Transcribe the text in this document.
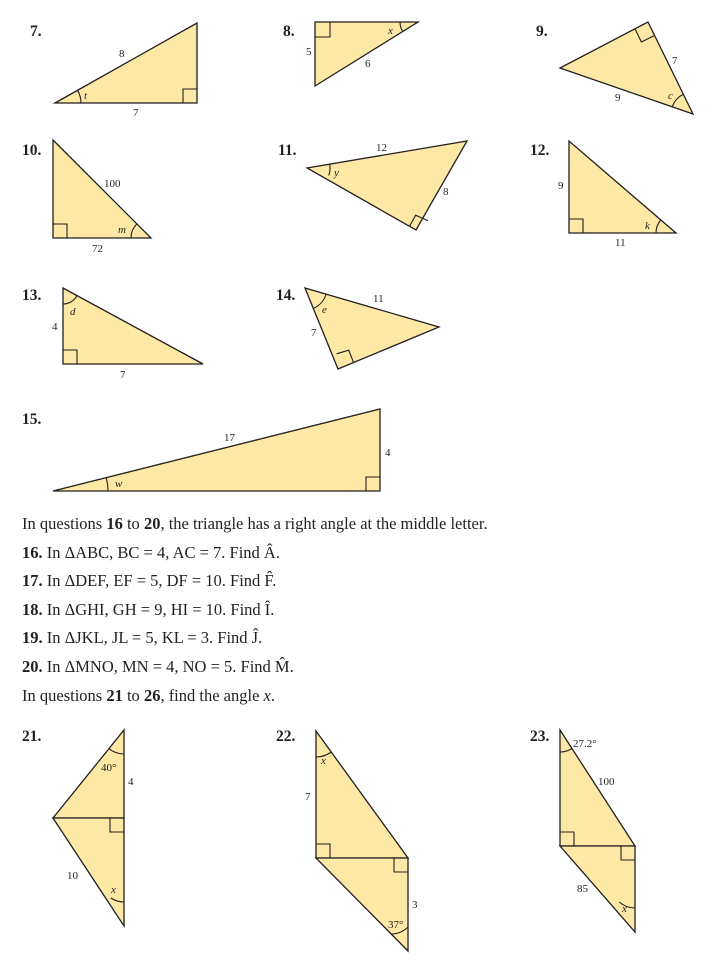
7.
8
7
t
8.
5
6
x	9.
7
9	c
10.
100
72
m
11.	12
8
y
12.
9
11
k
13.
4
7
d
14.	11
7
e
15.
17
4
w
21.
40°
4
10
x
22.
x
7
3
37°
23. 27.2°
100
85
x
In questions 16 to 20, the triangle has a right angle at the middle letter.
16. In ΔABC, BC = 4, AC = 7. Find Â.
17. In ΔDEF, EF = 5, DF = 10. Find F̂.
18. In ΔGHI, GH = 9, HI = 10. Find Î.
19. In ΔJKL, JL = 5, KL = 3. Find Ĵ.
20. In ΔMNO, MN = 4, NO = 5. Find M̂.
In questions 21 to 26, find the angle x.
